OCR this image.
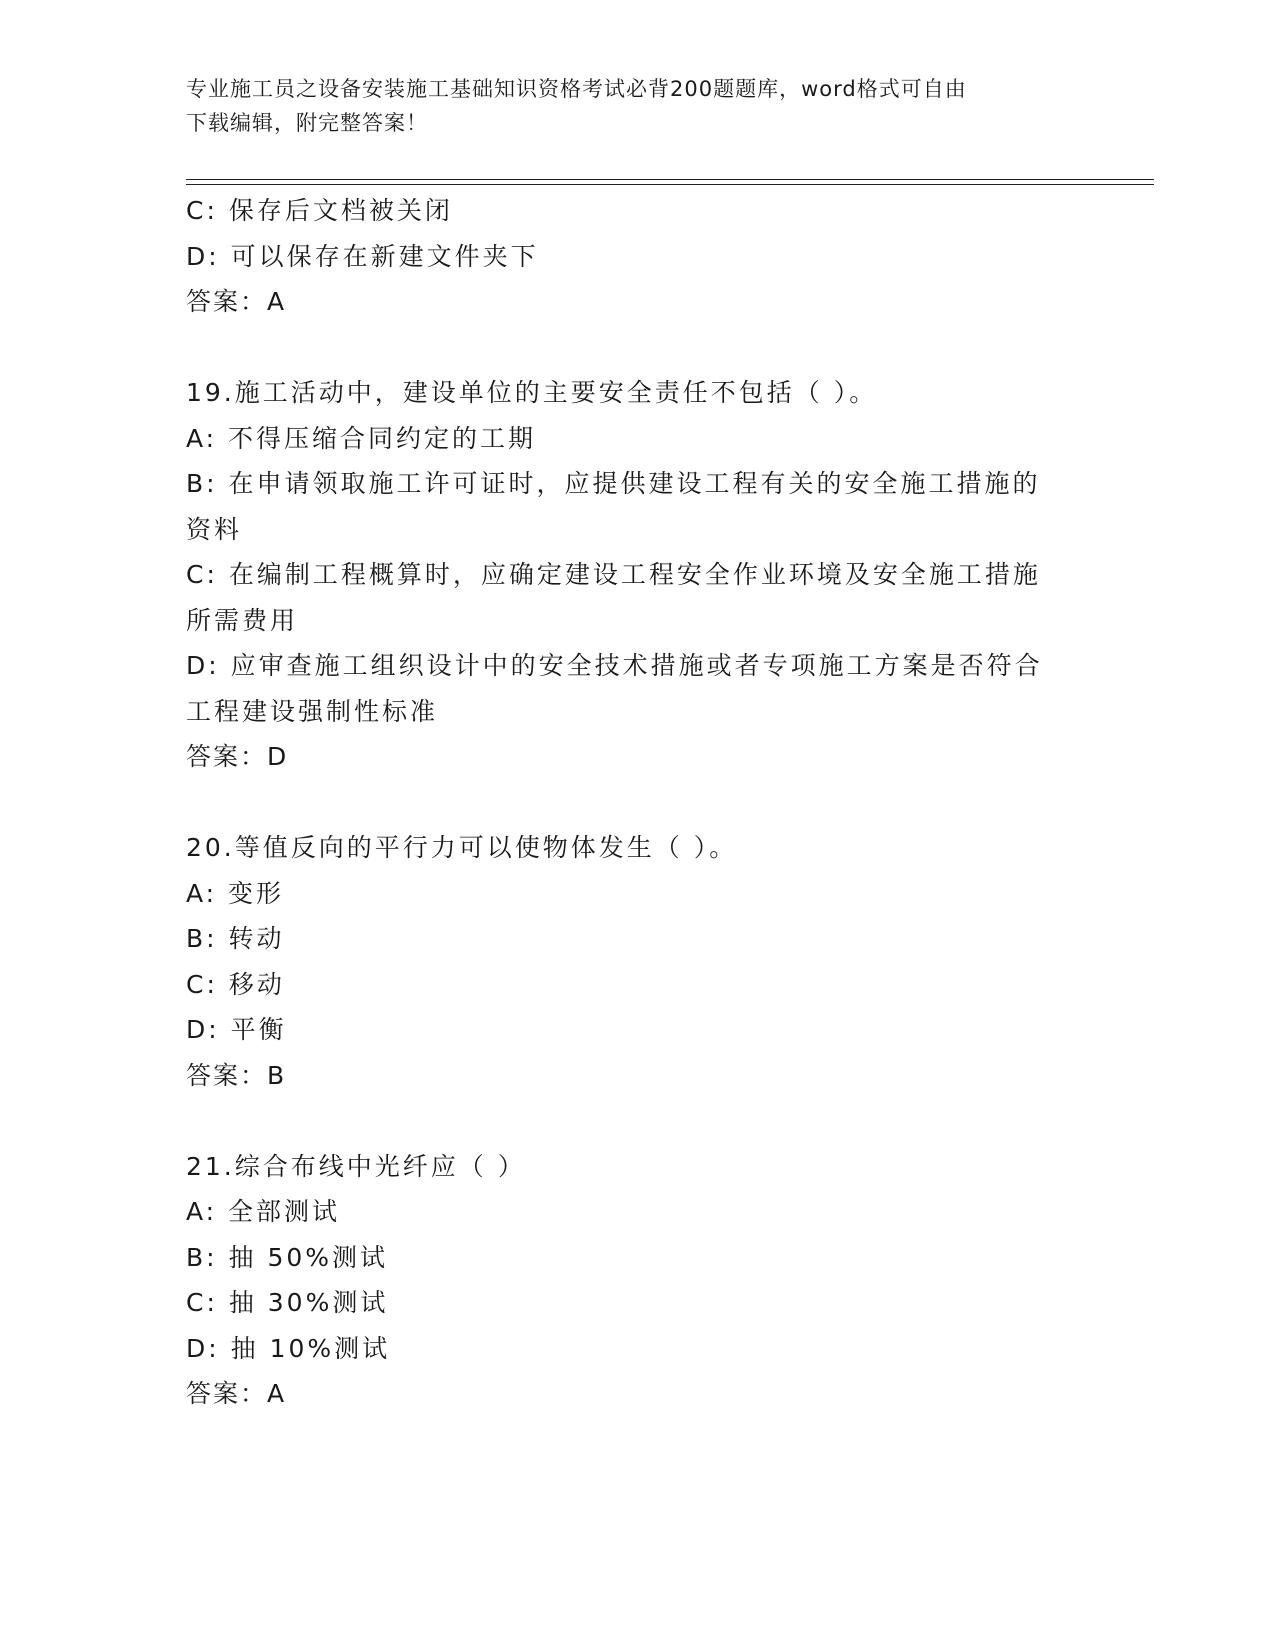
专业施工员之设备安装施工基础知识资格考试必背200题题库，word格式可自由
下载编辑，附完整答案！
C: 保存后文档被关闭
D: 可以保存在新建文件夹下
答案：A
19.施工活动中，建设单位的主要安全责任不包括（ ）。
A: 不得压缩合同约定的工期
B: 在申请领取施工许可证时，应提供建设工程有关的安全施工措施的资料
C: 在编制工程概算时，应确定建设工程安全作业环境及安全施工措施所需费用
D: 应审查施工组织设计中的安全技术措施或者专项施工方案是否符合工程建设强制性标准
答案：D
20.等值反向的平行力可以使物体发生（ ）。
A: 变形
B: 转动
C: 移动
D: 平衡
答案：B
21.综合布线中光纤应（ ）
A: 全部测试
B: 抽 50%测试
C: 抽 30%测试
D: 抽 10%测试
答案：A
